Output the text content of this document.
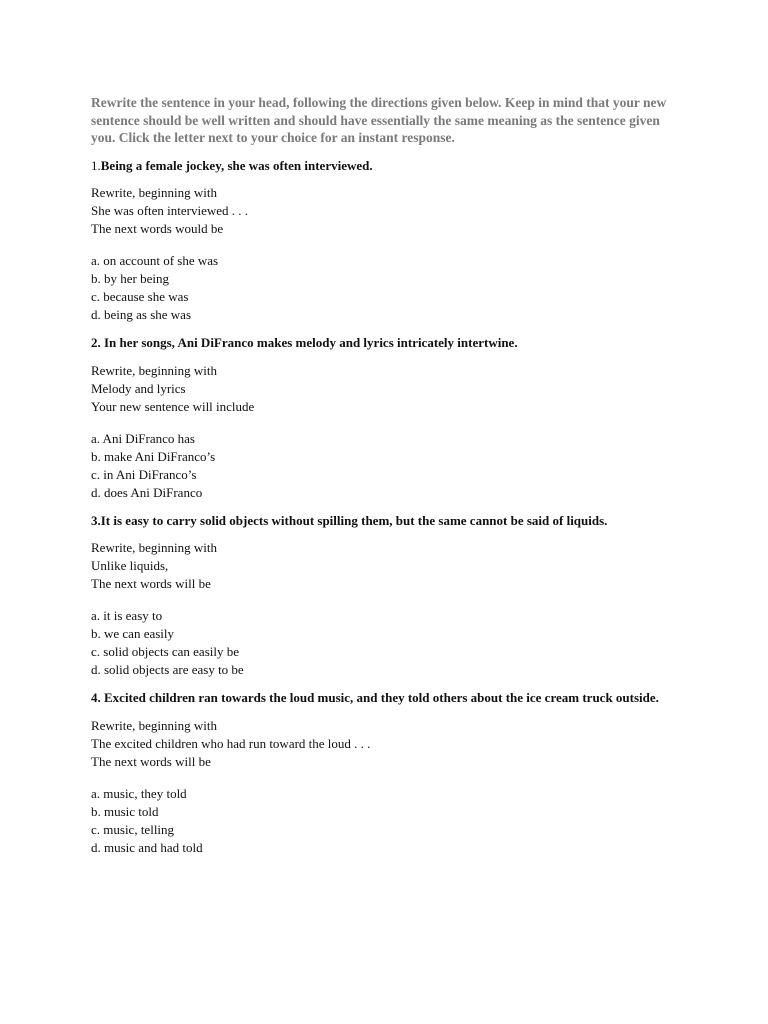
Rewrite the sentence in your head, following the directions given below. Keep in mind that your new sentence should be well written and should have essentially the same meaning as the sentence given you. Click the letter next to your choice for an instant response.

1.Being a female jockey, she was often interviewed.

Rewrite, beginning with
She was often interviewed . . .
The next words would be
a. on account of she was
b. by her being
c. because she was
d. being as she was

2. In her songs, Ani DiFranco makes melody and lyrics intricately intertwine.

Rewrite, beginning with
Melody and lyrics
Your new sentence will include
a. Ani DiFranco has
b. make Ani DiFranco’s
c. in Ani DiFranco’s
d. does Ani DiFranco

3.It is easy to carry solid objects without spilling them, but the same cannot be said of liquids.

Rewrite, beginning with
Unlike liquids,
The next words will be
a. it is easy to
b. we can easily
c. solid objects can easily be
d. solid objects are easy to be

4. Excited children ran towards the loud music, and they told others about the ice cream truck outside.

Rewrite, beginning with
The excited children who had run toward the loud . . .
The next words will be
a. music, they told
b. music told
c. music, telling
d. music and had told
